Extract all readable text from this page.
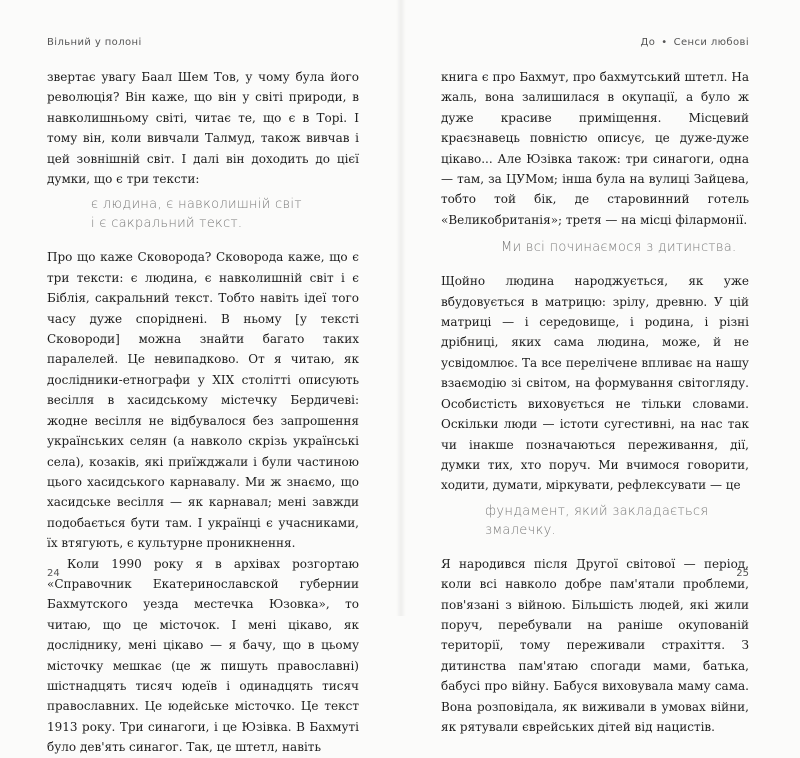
Вільний у полоні

звертає увагу Баал Шем Тов, у чому була його революція? Він каже, що він у світі природи, в навколишньому світі, читає те, що є в Торі. І тому він, коли вивчали Талмуд, також вивчав і цей зовнішній світ. І далі він доходить до цієї думки, що є три тексти:

є людина, є навколишній світ
і є сакральний текст.

Про що каже Сковорода? Сковорода каже, що є три тексти: є людина, є навколишній світ і є Біблія, сакральний текст. Тобто навіть ідеї того часу дуже споріднені. В ньому [у тексті Сковороди] можна знайти багато таких паралелей. Це невипадково. От я читаю, як дослідники-етнографи у XIX столітті описують весілля в хасидському містечку Бердичеві: жодне весілля не відбувалося без запрошення українських селян (а навколо скрізь українські села), козаків, які приїжджали і були частиною цього хасидського карнавалу. Ми ж знаємо, що хасидське весілля — як карнавал; мені завжди подобається бути там. І українці є учасниками, їх втягують, є культурне проникнення.

Коли 1990 року я в архівах розгортаю «Справочник Екатеринославской губернии Бахмутского уезда местечка Юзовка», то читаю, що це місточок. І мені цікаво, як досліднику, мені цікаво — я бачу, що в цьому місточку мешкає (це ж пишуть православні) шістнадцять тисяч юдеїв і одинадцять тисяч православних. Це юдейське місточко. Це текст 1913 року. Три синагоги, і це Юзівка. В Бахмуті було дев'ять синагог. Так, це штетл, навіть

24
До • Сенси любові

книга є про Бахмут, про бахмутський штетл. На жаль, вона залишилася в окупації, а було ж дуже красиве приміщення. Місцевий краєзнавець повністю описує, це дуже-дуже цікаво... Але Юзівка також: три синагоги, одна — там, за ЦУМом; інша була на вулиці Зайцева, тобто той бік, де старовинний готель «Великобританія»; третя — на місці філармонії.

Ми всі починаємося з дитинства.

Щойно людина народжується, як уже вбудовується в матрицю: зрілу, древню. У цій матриці — і середовище, і родина, і різні дрібниці, яких сама людина, може, й не усвідомлює. Та все перелічене впливає на нашу взаємодію зі світом, на формування світогляду. Особистість виховується не тільки словами. Оскільки люди — істоти сугестивні, на нас так чи інакше позначаються переживання, дії, думки тих, хто поруч. Ми вчимося говорити, ходити, думати, міркувати, рефлексувати — це

фундамент, який закладається
змалечку.

Я народився після Другої світової — період, коли всі навколо добре пам'ятали проблеми, пов'язані з війною. Більшість людей, які жили поруч, перебували на раніше окупованій території, тому переживали страхіття. З дитинства пам'ятаю спогади мами, батька, бабусі про війну. Бабуся виховувала маму сама. Вона розповідала, як виживали в умовах війни, як рятували єврейських дітей від нацистів.

25
